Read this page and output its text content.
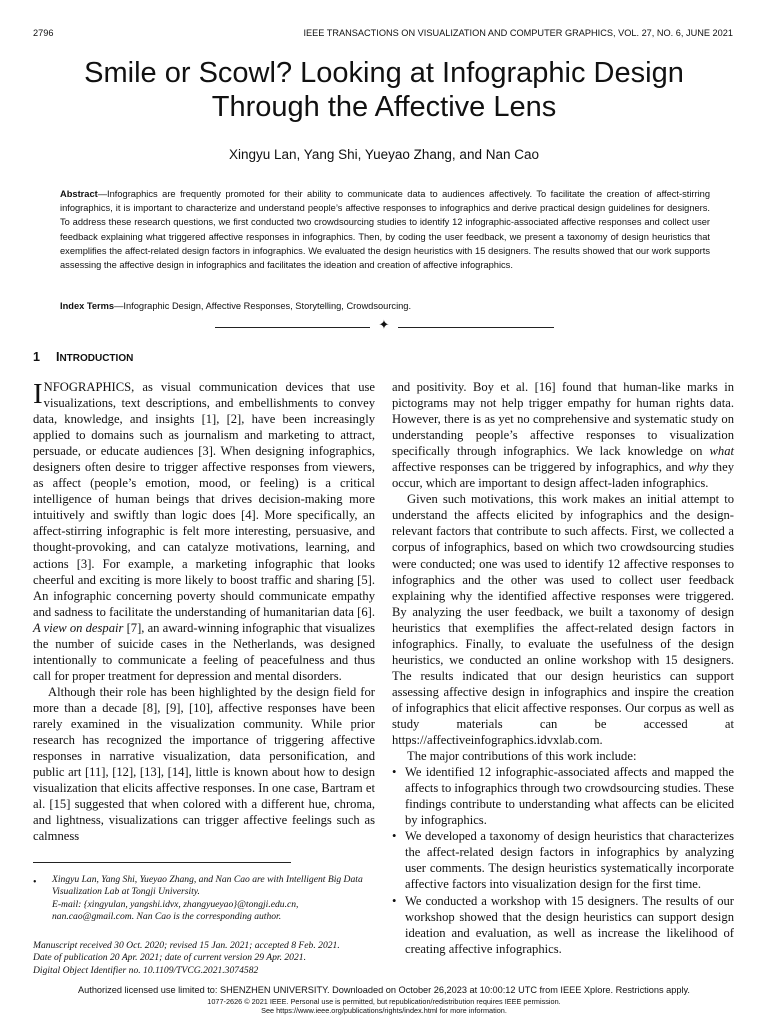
2796	IEEE TRANSACTIONS ON VISUALIZATION AND COMPUTER GRAPHICS, VOL. 27, NO. 6, JUNE 2021
Smile or Scowl? Looking at Infographic Design
Through the Affective Lens
Xingyu Lan, Yang Shi, Yueyao Zhang, and Nan Cao
Abstract—Infographics are frequently promoted for their ability to communicate data to audiences affectively. To facilitate the creation of affect-stirring infographics, it is important to characterize and understand people’s affective responses to infographics and derive practical design guidelines for designers. To address these research questions, we first conducted two crowdsourcing studies to identify 12 infographic-associated affective responses and collect user feedback explaining what triggered affective responses in infographics. Then, by coding the user feedback, we present a taxonomy of design heuristics that exemplifies the affect-related design factors in infographics. We evaluated the design heuristics with 15 designers. The results showed that our work supports assessing the affective design in infographics and facilitates the ideation and creation of affective infographics.
Index Terms—Infographic Design, Affective Responses, Storytelling, Crowdsourcing.
✦
1 INTRODUCTION

INFOGRAPHICS, as visual communication devices that use visualizations, text descriptions, and embellishments to convey data, knowledge, and insights [1], [2], have been increasingly applied to domains such as journalism and marketing to attract, persuade, or educate audiences [3]. When designing infographics, designers often desire to trigger affective responses from viewers, as affect (people’s emotion, mood, or feeling) is a critical intelligence of human beings that drives decision-making more intuitively and swiftly than logic does [4]. More specifically, an affect-stirring infographic is felt more interesting, persuasive, and thought-provoking, and can catalyze motivations, learning, and actions [3]. For example, a marketing infographic that looks cheerful and exciting is more likely to boost traffic and sharing [5]. An infographic concerning poverty should communicate empathy and sadness to facilitate the understanding of humanitarian data [6]. A view on despair [7], an award-winning infographic that visualizes the number of suicide cases in the Netherlands, was designed intentionally to communicate a feeling of peacefulness and thus call for proper treatment for depression and mental disorders.

Although their role has been highlighted by the design field for more than a decade [8], [9], [10], affective responses have been rarely examined in the visualization community. While prior research has recognized the importance of triggering affective responses in narrative visualization, data personification, and public art [11], [12], [13], [14], little is known about how to design visualization that elicits affective responses. In one case, Bartram et al. [15] suggested that when colored with a different hue, chroma, and lightness, visualizations can trigger affective feelings such as calmness

• Xingyu Lan, Yang Shi, Yueyao Zhang, and Nan Cao are with Intelligent Big Data Visualization Lab at Tongji University.
E-mail: {xingyulan, yangshi.idvx, zhangyueyao}@tongji.edu.cn, nan.cao@gmail.com. Nan Cao is the corresponding author.
Manuscript received 30 Oct. 2020; revised 15 Jan. 2021; accepted 8 Feb. 2021.
Date of publication 20 Apr. 2021; date of current version 29 Apr. 2021.
Digital Object Identifier no. 10.1109/TVCG.2021.3074582

and positivity. Boy et al. [16] found that human-like marks in pictograms may not help trigger empathy for human rights data. However, there is as yet no comprehensive and systematic study on understanding people’s affective responses to visualization specifically through infographics. We lack knowledge on what affective responses can be triggered by infographics, and why they occur, which are important to design affect-laden infographics.

Given such motivations, this work makes an initial attempt to understand the affects elicited by infographics and the design-relevant factors that contribute to such affects. First, we collected a corpus of infographics, based on which two crowdsourcing studies were conducted; one was used to identify 12 affective responses to infographics and the other was used to collect user feedback explaining why the identified affective responses were triggered. By analyzing the user feedback, we built a taxonomy of design heuristics that exemplifies the affect-related design factors in infographics. Finally, to evaluate the usefulness of the design heuristics, we conducted an online workshop with 15 designers. The results indicated that our design heuristics can support assessing affective design in infographics and inspire the creation of infographics that elicit affective responses. Our corpus as well as study materials can be accessed at https://affectiveinfographics.idvxlab.com.

The major contributions of this work include:

• We identified 12 infographic-associated affects and mapped the affects to infographics through two crowdsourcing studies. These findings contribute to understanding what affects can be elicited by infographics.
• We developed a taxonomy of design heuristics that characterizes the affect-related design factors in infographics by analyzing user comments. The design heuristics systematically incorporate affective factors into visualization design for the first time.
• We conducted a workshop with 15 designers. The results of our workshop showed that the design heuristics can support design ideation and evaluation, as well as increase the likelihood of creating affective infographics.
Authorized licensed use limited to: SHENZHEN UNIVERSITY. Downloaded on October 26,2023 at 10:00:12 UTC from IEEE Xplore. Restrictions apply.
1077-2626 © 2021 IEEE. Personal use is permitted, but republication/redistribution requires IEEE permission.
See https://www.ieee.org/publications/rights/index.html for more information.
